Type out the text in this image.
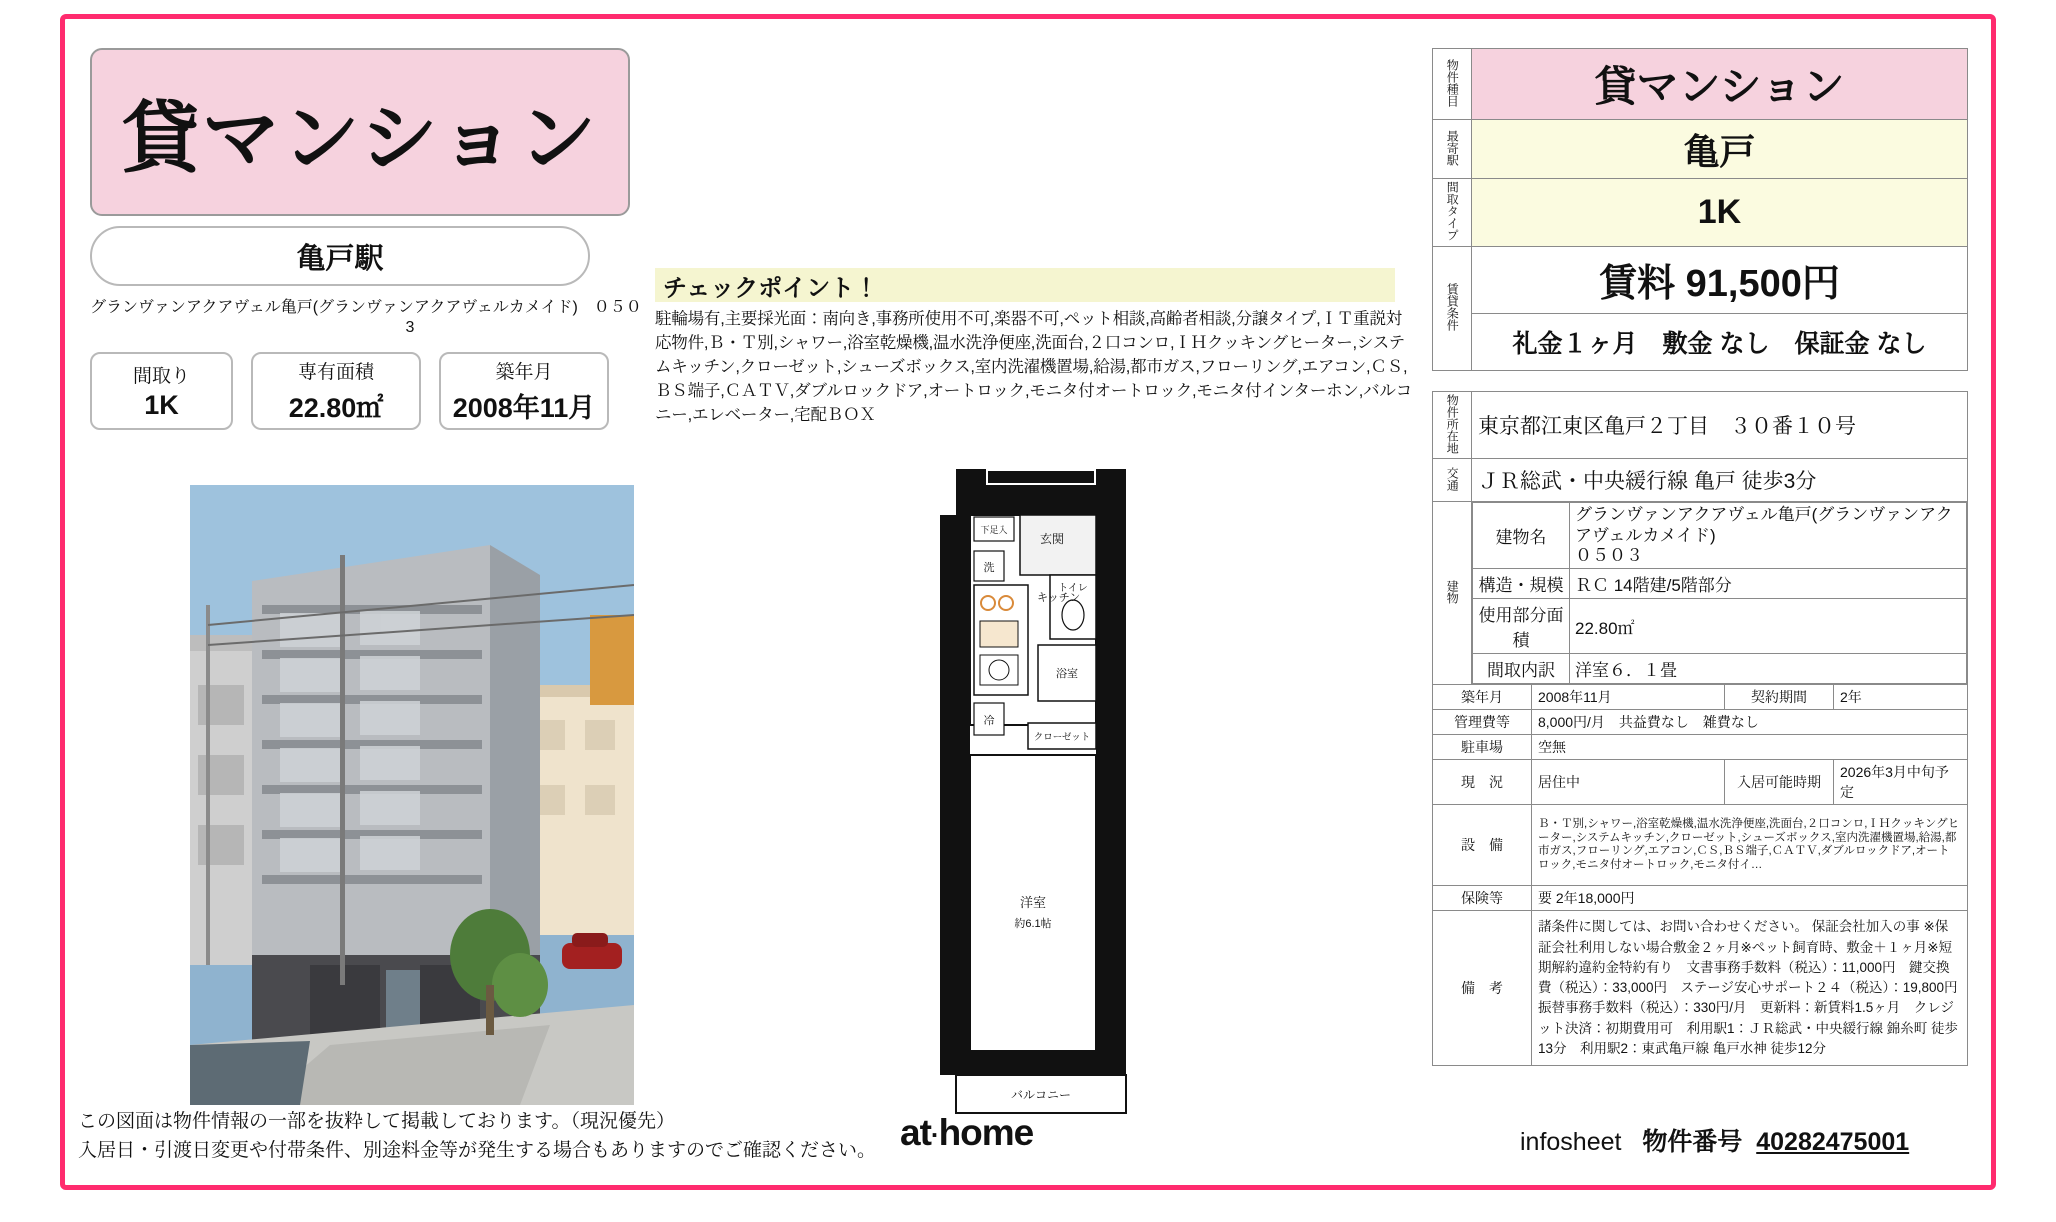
貸マンション
亀戸駅
グランヴァンアクアヴェル亀戸(グランヴァンアクアヴェルカメイド)　０５０
3
間取り
1K
専有面積
22.80㎡
築年月
2008年11月
チェックポイント！
駐輪場有,主要採光面：南向き,事務所使用不可,楽器不可,ペット相談,高齢者相談,分譲タイプ,ＩＴ重説対応物件,Ｂ・Ｔ別,シャワー,浴室乾燥機,温水洗浄便座,洗面台,２口コンロ,ＩＨクッキングヒーター,システムキッチン,クローゼット,シューズボックス,室内洗濯機置場,給湯,都市ガス,フローリング,エアコン,ＣＳ,ＢＳ端子,ＣＡＴＶ,ダブルロックドア,オートロック,モニタ付オートロック,モニタ付インターホン,バルコニー,エレベーター,宅配ＢＯＸ
玄関
下足入
洗
トイレ
キッチン
浴室
冷
クローゼット
洋室
約6.1帖
バルコニー
物件種目	貸マンション
最寄駅	亀戸
間取タイプ	1K
賃貸条件	賃料 91,500円
	礼金１ヶ月　敷金 なし　保証金 なし
物件所在地	東京都江東区亀戸２丁目　３０番１０号
交通	ＪＲ総武・中央緩行線 亀戸 徒歩3分
建物	
建物名	グランヴァンアクアヴェル亀戸(グランヴァンアクアヴェルカメイド)
０５０３
構造・規模	ＲＣ 14階建/5階部分
使用部分面積	22.80㎡
間取内訳	洋室６．１畳
築年月	2008年11月	契約期間	2年
管理費等	8,000円/月　共益費なし　雑費なし		
駐車場	空無		
現　況	居住中	入居可能時期	2026年3月中旬予定
設　備	Ｂ・Ｔ別,シャワー,浴室乾燥機,温水洗浄便座,洗面台,２口コンロ,ＩＨクッキングヒーター,システムキッチン,クローゼット,シューズボックス,室内洗濯機置場,給湯,都市ガス,フローリング,エアコン,ＣＳ,ＢＳ端子,ＣＡＴＶ,ダブルロックドア,オートロック,モニタ付オートロック,モニタ付イ…		
保険等	要 2年18,000円		
備　考	諸条件に関しては、お問い合わせください。 保証会社加入の事 ※保証会社利用しない場合敷金２ヶ月※ペット飼育時、敷金＋１ヶ月※短期解約違約金特約有り　文書事務手数料（税込）：11,000円　鍵交換費（税込）：33,000円　ステージ安心サポート２４（税込）：19,800円　振替事務手数料（税込）：330円/月　更新料：新賃料1.5ヶ月　クレジット決済：初期費用可　利用駅1：ＪＲ総武・中央緩行線 錦糸町 徒歩13分　利用駅2：東武亀戸線 亀戸水神 徒歩12分		
この図面は物件情報の一部を抜粋して掲載しております。（現況優先）
入居日・引渡日変更や付帯条件、別途料金等が発生する場合もありますのでご確認ください。 at·home	infosheet 物件番号 40282475001
